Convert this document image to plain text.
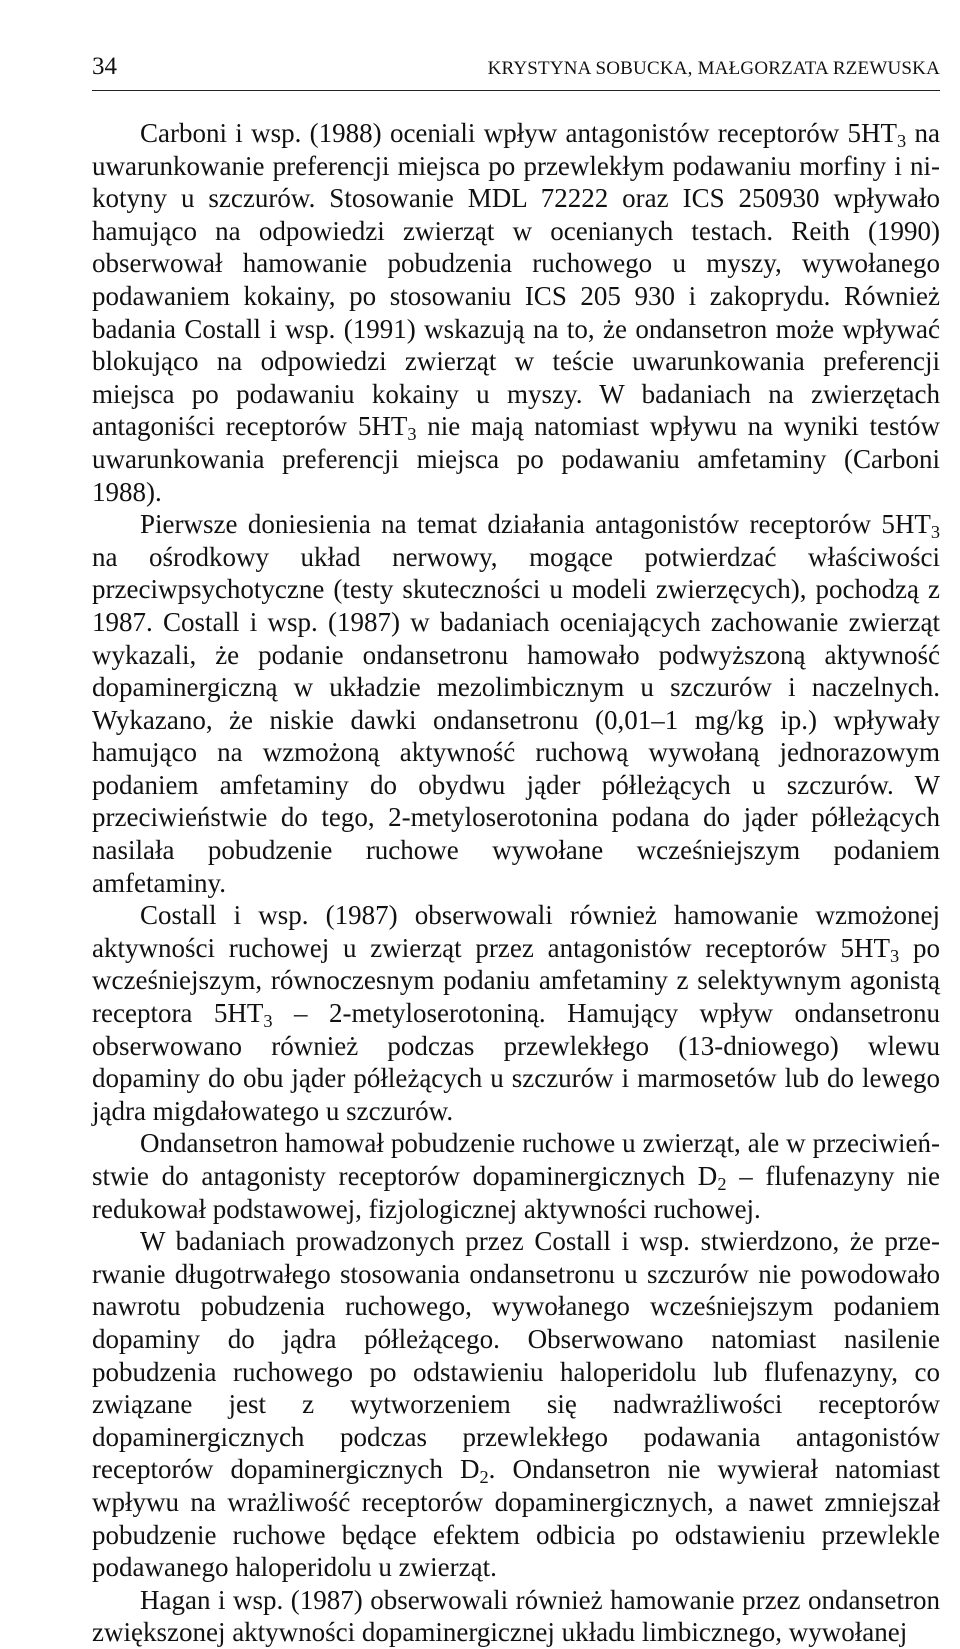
34	KRYSTYNA SOBUCKA, MAŁGORZATA RZEWUSKA

Carboni i wsp. (1988) oceniali wpływ antagonistów receptorów $5HT_3$ na uwarunkowanie preferencji miejsca po przewlekłym podawaniu morfiny i nikotyny u szczurów. Stosowanie MDL 72222 oraz ICS 250930 wpływało hamująco na odpowiedzi zwierząt w ocenianych testach. Reith (1990) obserwował hamowanie pobudzenia ruchowego u myszy, wywołanego podawaniem kokainy, po stosowaniu ICS 205 930 i zakoprydu. Również badania Costall i wsp. (1991) wskazują na to, że ondansetron może wpływać blokująco na odpowiedzi zwierząt w teście uwarunkowania preferencji miejsca po podawaniu kokainy u myszy. W badaniach na zwierzętach antagoniści receptorów $5HT_3$ nie mają natomiast wpływu na wyniki testów uwarunkowania preferencji miejsca po podawaniu amfetaminy (Carboni 1988).

Pierwsze doniesienia na temat działania antagonistów receptorów $5HT_3$ na ośrodkowy układ nerwowy, mogące potwierdzać właściwości przeciwpsychotyczne (testy skuteczności u modeli zwierzęcych), pochodzą z 1987. Costall i wsp. (1987) w badaniach oceniających zachowanie zwierząt wykazali, że podanie ondansetronu hamowało podwyższoną aktywność dopaminergiczną w układzie mezolimbicznym u szczurów i naczelnych. Wykazano, że niskie dawki ondansetronu (0,01–1 mg/kg ip.) wpływały hamująco na wzmożoną aktywność ruchową wywołaną jednorazowym podaniem amfetaminy do obydwu jąder półleżących u szczurów. W przeciwieństwie do tego, 2-metyloserotonina podana do jąder półleżących nasilała pobudzenie ruchowe wywołane wcześniejszym podaniem amfetaminy.

Costall i wsp. (1987) obserwowali również hamowanie wzmożonej aktywności ruchowej u zwierząt przez antagonistów receptorów $5HT_3$ po wcześniejszym, równoczesnym podaniu amfetaminy z selektywnym agonistą receptora $5HT_3$ – 2-metyloserotoniną. Hamujący wpływ ondansetronu obserwowano również podczas przewlekłego (13-dniowego) wlewu dopaminy do obu jąder półleżących u szczurów i marmosetów lub do lewego jądra migdałowatego u szczurów.

Ondansetron hamował pobudzenie ruchowe u zwierząt, ale w przeciwieństwie do antagonisty receptorów dopaminergicznych $D_2$ – flufenazyny nie redukował podstawowej, fizjologicznej aktywności ruchowej.

W badaniach prowadzonych przez Costall i wsp. stwierdzono, że przerwanie długotrwałego stosowania ondansetronu u szczurów nie powodowało nawrotu pobudzenia ruchowego, wywołanego wcześniejszym podaniem dopaminy do jądra półleżącego. Obserwowano natomiast nasilenie pobudzenia ruchowego po odstawieniu haloperidolu lub flufenazyny, co związane jest z wytworzeniem się nadwrażliwości receptorów dopaminergicznych podczas przewlekłego podawania antagonistów receptorów dopaminergicznych $D_2$. Ondansetron nie wywierał natomiast wpływu na wrażliwość receptorów dopaminergicznych, a nawet zmniejszał pobudzenie ruchowe będące efektem odbicia po odstawieniu przewlekle podawanego haloperidolu u zwierząt.

Hagan i wsp. (1987) obserwowali również hamowanie przez ondansetron zwiększonej aktywności dopaminergicznej układu limbicznego, wywołanej
